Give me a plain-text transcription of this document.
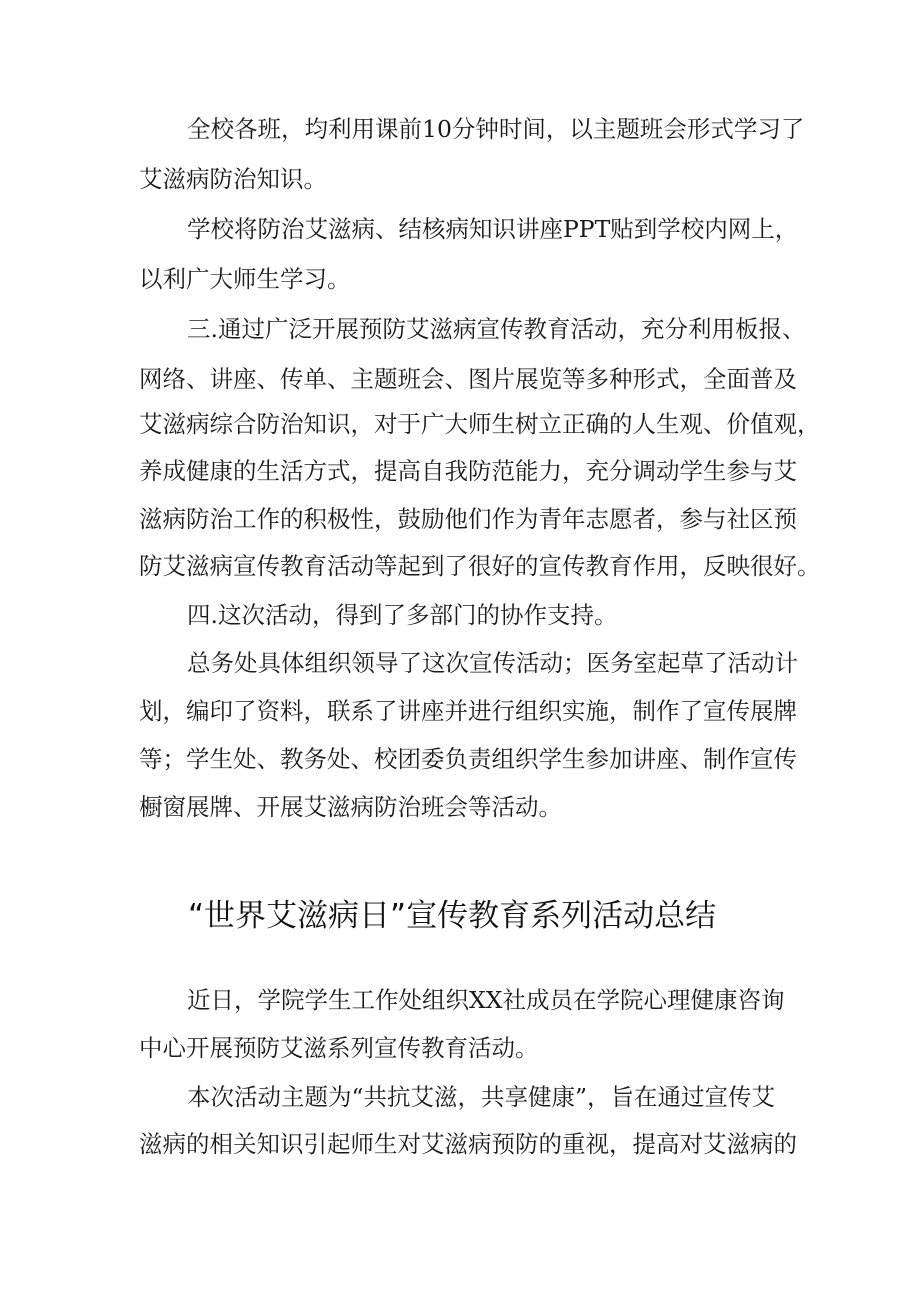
全校各班，均利用课前10分钟时间，以主题班会形式学习了

艾滋病防治知识。

学校将防治艾滋病、结核病知识讲座PPT贴到学校内网上，

以利广大师生学习。

三.通过广泛开展预防艾滋病宣传教育活动，充分利用板报、

网络、讲座、传单、主题班会、图片展览等多种形式，全面普及

艾滋病综合防治知识，对于广大师生树立正确的人生观、价值观，

养成健康的生活方式，提高自我防范能力，充分调动学生参与艾

滋病防治工作的积极性，鼓励他们作为青年志愿者，参与社区预

防艾滋病宣传教育活动等起到了很好的宣传教育作用，反映很好。

四.这次活动，得到了多部门的协作支持。

总务处具体组织领导了这次宣传活动；医务室起草了活动计

划，编印了资料，联系了讲座并进行组织实施，制作了宣传展牌

等；学生处、教务处、校团委负责组织学生参加讲座、制作宣传

橱窗展牌、开展艾滋病防治班会等活动。

“世界艾滋病日”宣传教育系列活动总结

近日，学院学生工作处组织XX社成员在学院心理健康咨询

中心开展预防艾滋系列宣传教育活动。

本次活动主题为“共抗艾滋，共享健康”，旨在通过宣传艾

滋病的相关知识引起师生对艾滋病预防的重视，提高对艾滋病的
